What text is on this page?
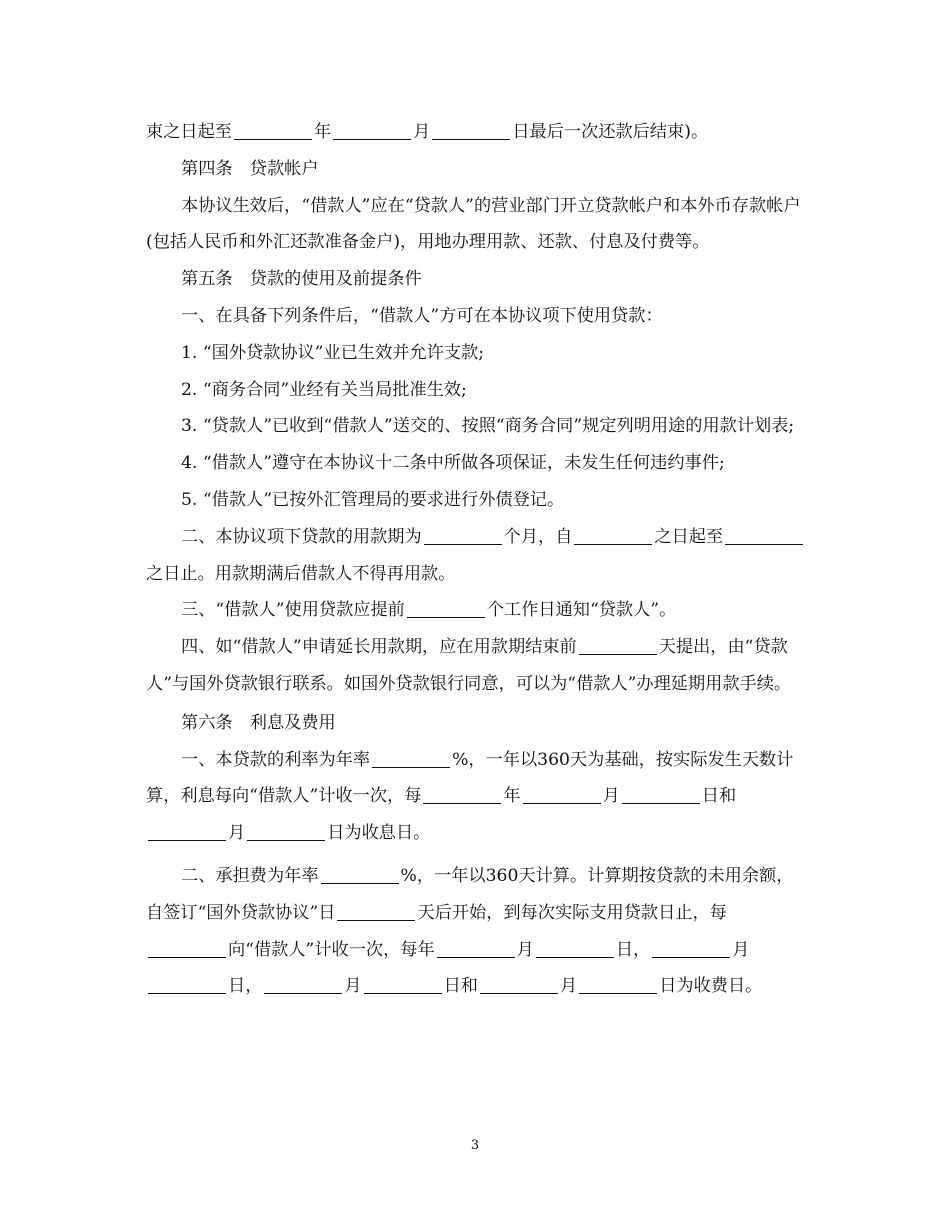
束之日起至	年	月	日最后一次还款后结束)。

第四条　贷款帐户

本协议生效后，“借款人”应在“贷款人”的营业部门开立贷款帐户和本外币存款帐户(包括人民币和外汇还款准备金户)，用地办理用款、还款、付息及付费等。

第五条　贷款的使用及前提条件

一、在具备下列条件后，“借款人”方可在本协议项下使用贷款：

1. “国外贷款协议”业已生效并允许支款;

2. “商务合同”业经有关当局批准生效;

3. “贷款人”已收到“借款人”送交的、按照“商务合同”规定列明用途的用款计划表;

4. “借款人”遵守在本协议十二条中所做各项保证，未发生任何违约事件;

5. “借款人”已按外汇管理局的要求进行外债登记。

二、本协议项下贷款的用款期为	个月，自	之日起至之日止。用款期满后借款人不得再用款。

三、“借款人”使用贷款应提前	个工作日通知“贷款人”。

四、如“借款人”申请延长用款期，应在用款期结束前	天提出，由“贷款人”与国外贷款银行联系。如国外贷款银行同意，可以为“借款人”办理延期用款手续。

第六条　利息及费用

一、本贷款的利率为年率	%，一年以360天为基础，按实际发生天数计算，利息每向“借款人”计收一次，每	年	月	日和月	日为收息日。

二、承担费为年率	%，一年以360天计算。计算期按贷款的未用余额，自签订“国外贷款协议”日	天后开始，到每次实际支用贷款日止，每向“借款人”计收一次，每年	月	日，	月日，	月	日和	月	日为收费日。

3
